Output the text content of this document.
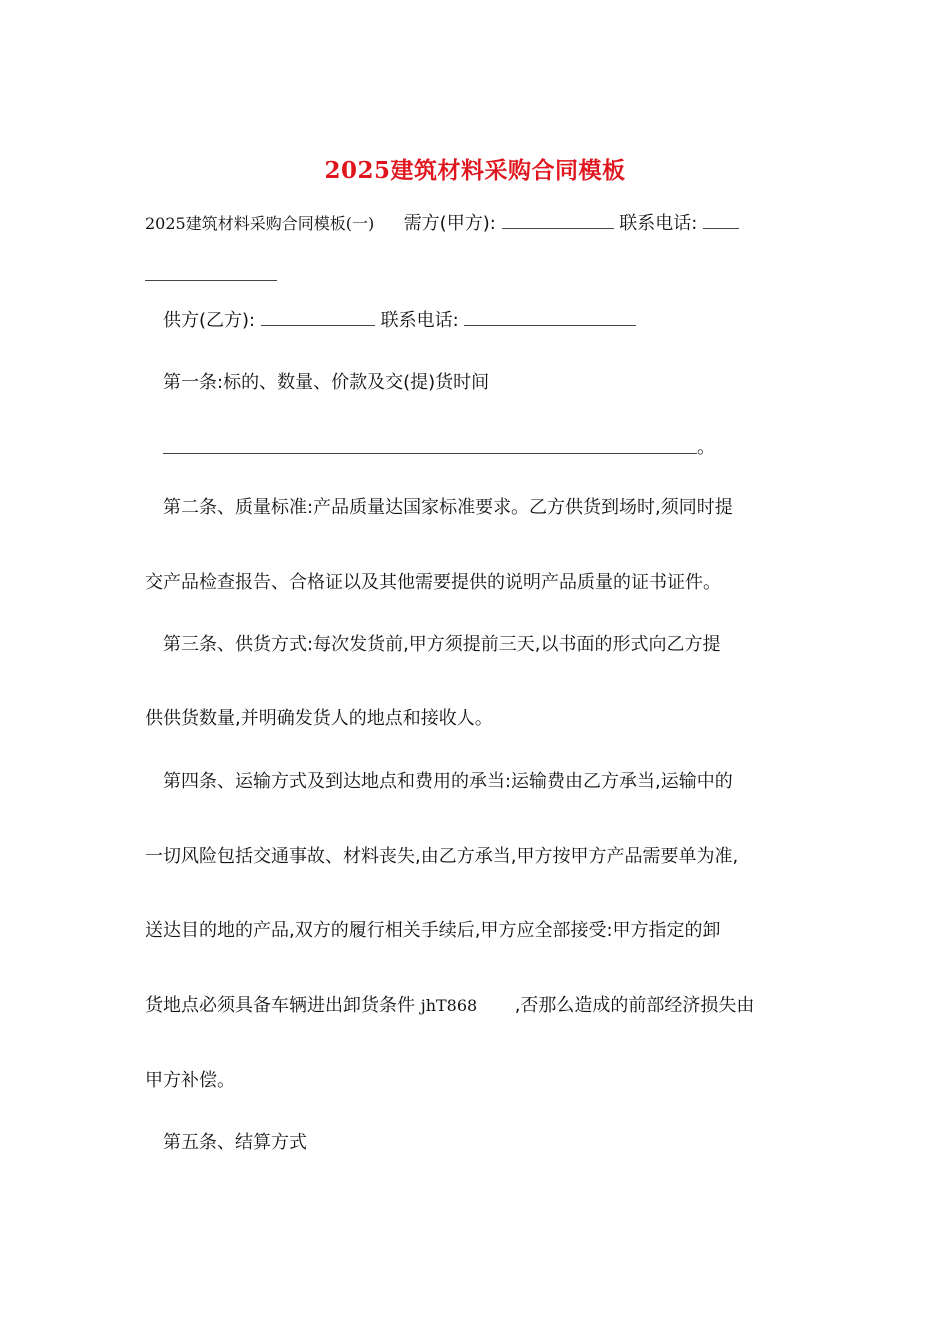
2025建筑材料采购合同模板
2025建筑材料采购合同模板(一) 需方(甲方):	联系电话:
供方(乙方):	联系电话:
第一条:标的、数量、价款及交(提)货时间
。
第二条、质量标准:产品质量达国家标准要求。乙方供货到场时,须同时提
交产品检查报告、合格证以及其他需要提供的说明产品质量的证书证件。
第三条、供货方式:每次发货前,甲方须提前三天,以书面的形式向乙方提
供供货数量,并明确发货人的地点和接收人。
第四条、运输方式及到达地点和费用的承当:运输费由乙方承当,运输中的
一切风险包括交通事故、材料丧失,由乙方承当,甲方按甲方产品需要单为准,
送达目的地的产品,双方的履行相关手续后,甲方应全部接受:甲方指定的卸
货地点必须具备车辆进出卸货条件 jhT868 ,否那么造成的前部经济损失由
甲方补偿。
第五条、结算方式
